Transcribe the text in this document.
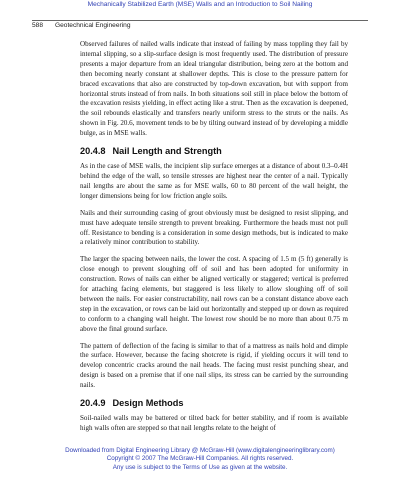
Mechanically Stabilized Earth (MSE) Walls and an Introduction to Soil Nailing
588 Geotechnical Engineering

Observed failures of nailed walls indicate that instead of failing by mass toppling they fail by internal slipping, so a slip-surface design is most frequently used. The distribution of pressure presents a major departure from an ideal triangular distribution, being zero at the bottom and then becoming nearly constant at shallower depths. This is close to the pressure pattern for braced excavations that also are constructed by top-down excavation, but with support from horizontal struts instead of from nails. In both situations soil still in place below the bottom of the excavation resists yielding, in effect acting like a strut. Then as the excavation is deepened, the soil rebounds elastically and transfers nearly uniform stress to the struts or the nails. As shown in Fig. 20.6, movement tends to be by tilting outward instead of by developing a middle bulge, as in MSE walls.

20.4.8 Nail Length and Strength

As in the case of MSE walls, the incipient slip surface emerges at a distance of about 0.3–0.4H behind the edge of the wall, so tensile stresses are highest near the center of a nail. Typically nail lengths are about the same as for MSE walls, 60 to 80 percent of the wall height, the longer dimensions being for low friction angle soils.

Nails and their surrounding casing of grout obviously must be designed to resist slipping, and must have adequate tensile strength to prevent breaking. Furthermore the heads must not pull off. Resistance to bending is a consideration in some design methods, but is indicated to make a relatively minor contribution to stability.

The larger the spacing between nails, the lower the cost. A spacing of 1.5 m (5 ft) generally is close enough to prevent sloughing off of soil and has been adopted for uniformity in construction. Rows of nails can either be aligned vertically or staggered; vertical is preferred for attaching facing elements, but staggered is less likely to allow sloughing off of soil between the nails. For easier constructability, nail rows can be a constant distance above each step in the excavation, or rows can be laid out horizontally and stepped up or down as required to conform to a changing wall height. The lowest row should be no more than about 0.75 m above the final ground surface.

The pattern of deflection of the facing is similar to that of a mattress as nails hold and dimple the surface. However, because the facing shotcrete is rigid, if yielding occurs it will tend to develop concentric cracks around the nail heads. The facing must resist punching shear, and design is based on a premise that if one nail slips, its stress can be carried by the surrounding nails.

20.4.9 Design Methods

Soil-nailed walls may be battered or tilted back for better stability, and if room is available high walls often are stepped so that nail lengths relate to the height of

Downloaded from Digital Engineering Library @ McGraw-Hill (www.digitalengineeringlibrary.com)
Copyright © 2007 The McGraw-Hill Companies. All rights reserved.
Any use is subject to the Terms of Use as given at the website.
